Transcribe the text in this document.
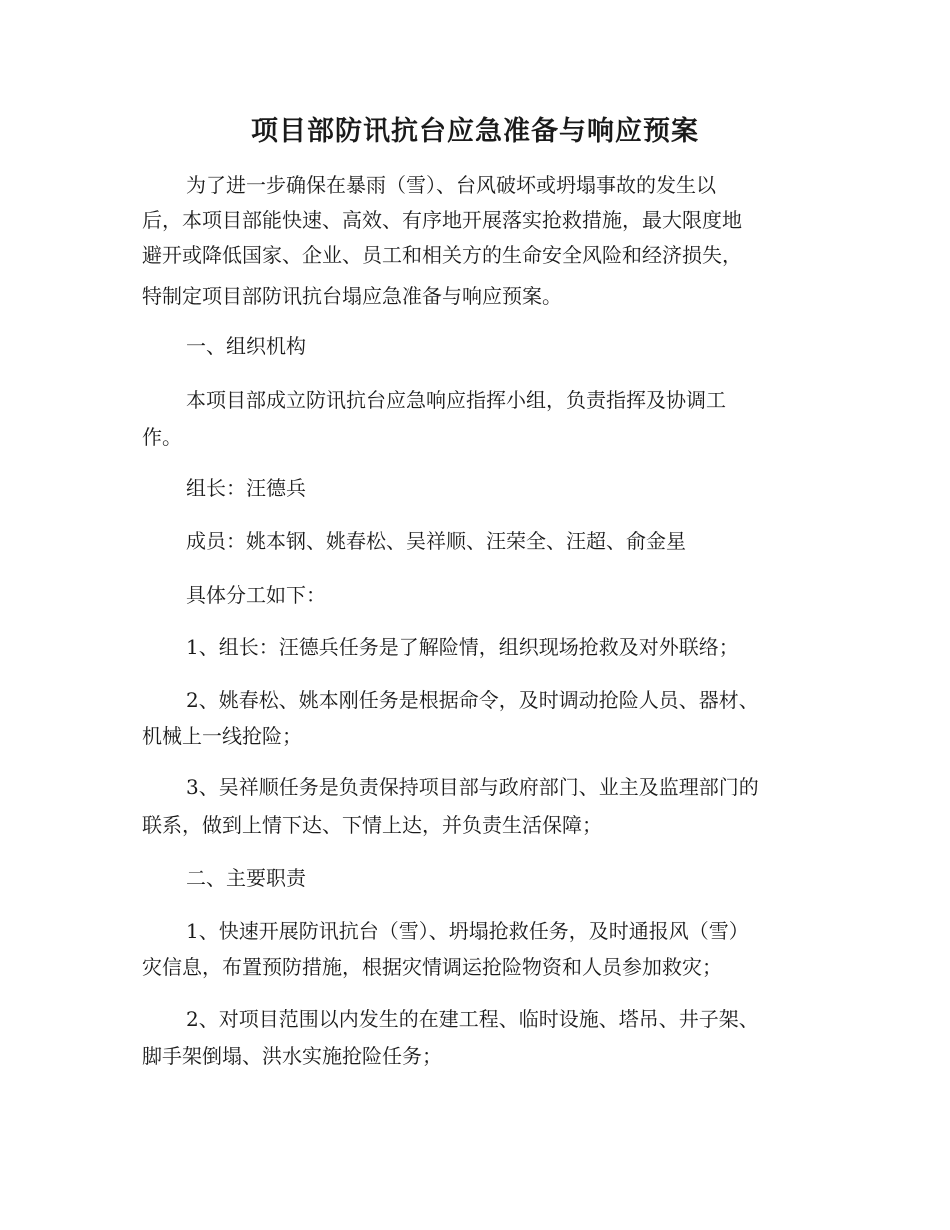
项目部防讯抗台应急准备与响应预案

为了进一步确保在暴雨（雪）、台风破坏或坍塌事故的发生以

后，本项目部能快速、高效、有序地开展落实抢救措施，最大限度地

避开或降低国家、企业、员工和相关方的生命安全风险和经济损失，

特制定项目部防讯抗台塌应急准备与响应预案。

一、组织机构

本项目部成立防讯抗台应急响应指挥小组，负责指挥及协调工

作。

组长：汪德兵

成员：姚本钢、姚春松、吴祥顺、汪荣全、汪超、俞金星

具体分工如下：

1、组长：汪德兵任务是了解险情，组织现场抢救及对外联络；

2、姚春松、姚本刚任务是根据命令，及时调动抢险人员、器材、

机械上一线抢险；

3、吴祥顺任务是负责保持项目部与政府部门、业主及监理部门的

联系，做到上情下达、下情上达，并负责生活保障；

二、主要职责

1、快速开展防讯抗台（雪）、坍塌抢救任务，及时通报风（雪）

灾信息，布置预防措施，根据灾情调运抢险物资和人员参加救灾；

2、对项目范围以内发生的在建工程、临时设施、塔吊、井子架、

脚手架倒塌、洪水实施抢险任务；
